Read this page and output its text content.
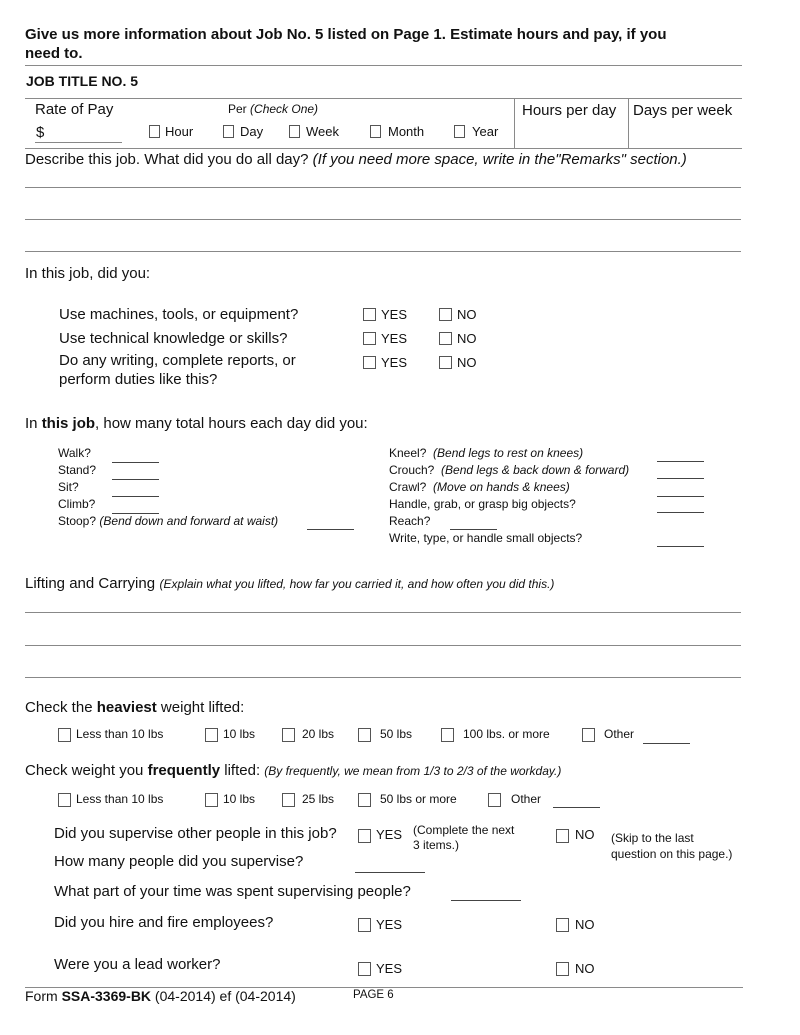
Give us more information about Job No. 5 listed on Page 1. Estimate hours and pay, if you
need to.
JOB TITLE NO. 5
Rate of Pay
$
Per (Check One)
Hour	Day	Week	Month	Year
Hours per day Days per week
Describe this job. What did you do all day? (If you need more space, write in the"Remarks" section.)
In this job, did you:
Use machines, tools, or equipment?	YES	NO
Use technical knowledge or skills?	YES	NO
Do any writing, complete reports, or
perform duties like this?
YES	NO
In this job, how many total hours each day did you:
Walk?
Stand?
Sit?
Climb?
Stoop? (Bend down and forward at waist)
Kneel? (Bend legs to rest on knees)
Crouch? (Bend legs & back down & forward)
Crawl? (Move on hands & knees)
Handle, grab, or grasp big objects?
Reach?
Write, type, or handle small objects?
Lifting and Carrying (Explain what you lifted, how far you carried it, and how often you did this.)
Check the heaviest weight lifted:
Less than 10 lbs	10 lbs	20 lbs	50 lbs	100 lbs. or more	Other
Check weight you frequently lifted: (By frequently, we mean from 1/3 to 2/3 of the workday.)
Less than 10 lbs	10 lbs	25 lbs	50 lbs or more	Other
Did you supervise other people in this job?	YES (Complete the next
3 items.)
NO (Skip to the last
question on this page.)
How many people did you supervise?
What part of your time was spent supervising people?
Did you hire and fire employees?	YES	NO
Were you a lead worker?	YES	NO
Form SSA-3369-BK (04-2014) ef (04-2014)	PAGE 6
